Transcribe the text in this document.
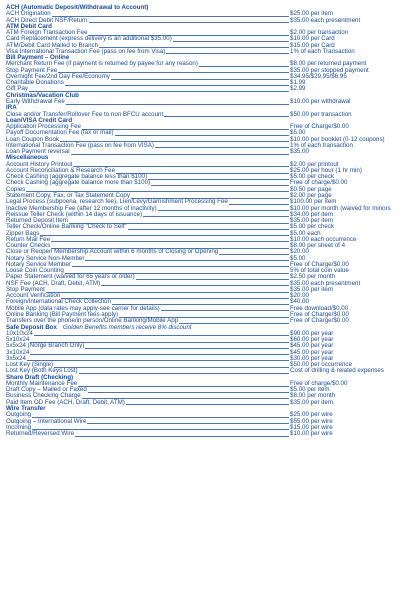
ACH (Automatic Deposit/Withdrawal to Account)
ACH Origination	$25.00 per item
ACH Direct Debit NSF/Return	$35.00 each presentment
ATM Debit Card
ATM Foreign Transaction Fee	$2.00 per transaction
Card Replacement (express delivery is an additional $35.00)	$10.00 per Card
ATM/Debit Card Mailed to Branch	$15.00 per Card
Visa International Transaction Fee (pass on fee from Visa)	1% of each Transaction
Bill Payment – Online
Merchant Return Fee (if payment is returned by payee for any reason)	$8.00 per returned payment
Stop Payment Fee	$35.00 per stopped payment
Overnight Fee/2nd Day Fee/Economy	$34.95/$29.95/$6.95
Charitable Donations	$1.99
Gift Pay	$2.99
Christmas/Vacation Club
Early Withdrawal Fee	$10.00 per withdrawal
IRA
Close and/or Transfer/Rollover Fee to non BFCU account	$50.00 per transaction
Loan/VISA Credit Card
Application Processing Fee	Free of Charge/$0.00
Payoff Documentation Fee (fax or mail)	$5.00
Loan Coupon Book	$10.00 per booklet (0-12 coupons)
International Transaction Fee (pass on fee from VISA)	1% of each transaction
Loan Payment reversal	$35.00
Miscellaneous
Account History Printout	$2.00 per printout
Account Reconciliation & Research Fee	$25.00 per hour (1 hr min)
Check Cashing (aggregate balance less than $100)	$5.00 per check
Check Cashing (aggregate balance more than $100)	Free of charge/$0.00
Copies	$0.50 per page
Statement Copy, Fax, or Tax Statement Copy	$2.00 per page
Legal Process (subpoena, research fee), Lien/Levy/Garnishment Processing Fee	$100.00 per item
Inactive Membership Fee (after 12 months of inactivity)	$10.00 per month (waived for minors
Reissue Teller Check (within 14 days of issuance)	$34.00 per item
Returned Deposit Item	$35.00 per item
Teller Check/Online Banking "Check to Self"	$5.00 per check
Zipper Bags	$5.00 each
Return Mail Fee	$10.00 each occurrence
Counter Checks	$8.00 per sheet of 4
Close or Reopen Membership Account within 6 months of Closing or Opening	$20.00
Notary Service Non-Member	$5.00
Notary Service Member	Free of Charge/$0.00
Loose Coin Counting	5% of total coin value
Paper Statement (waived for 65 years or older)	$2.50 per month
NSF Fee (ACH, Draft, Debit, ATM)	$35.00 each presentment
Stop Payment	$35.00 per item
Account Verification	$20.00
Foreign/International Check Collection	$40.00
Mobile App (data rates may apply-see carrier for details)	Free download/$0.00
Online Banking (Bill Payment fees apply)	Free of Charge/$0.00
Transfers over the phone/in person/Online Banking/Mobile App	Free of Charge/$0.00
Safe Deposit Box Golden Benefits members receive 8% discount
10x10x24	$90.00 per year
5x10x24	$60.00 per year
5x5x24 (Norge Branch Only)	$45.00 per year
3x10x24	$45.00 per year
3x5x24	$30.00 per year
Lost Key (Single)	$50.00 per occurrence
Lost Key (Both Keys Lost)	Cost of drilling & related expenses
Share Draft (Checking)
Monthly Maintenance Fee	Free of charge/$0.00
Draft Copy – Mailed or Faxed	$5.00 per item
Business Checking Charge	$8.00 per month
Paid Item OD Fee (ACH, Draft, Debit, ATM)	$35.00 per item
Wire Transfer
Outgoing	$25.00 per wire
Outgoing – International Wire	$55.00 per wire
Incoming	$15.00 per wire
Returned/Reversed Wire	$10.00 per wire
